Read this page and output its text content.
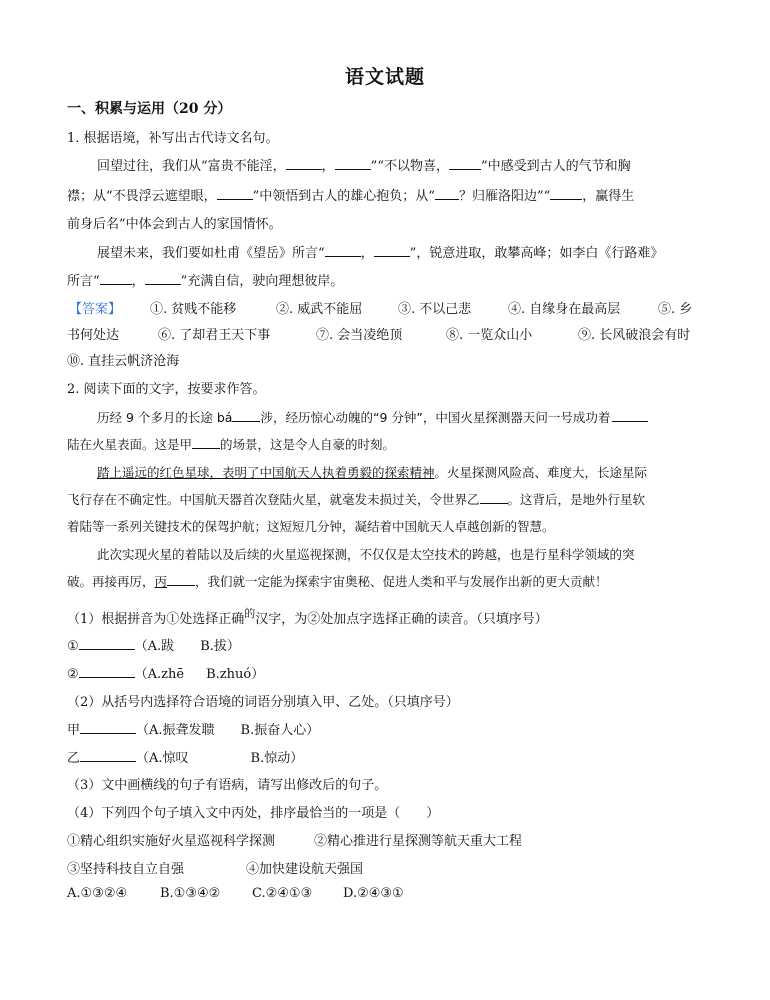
语文试题
一、积累与运用（20 分）
1. 根据语境，补写出古代诗文名句。
回望过往，我们从“富贵不能淫，	，	”“不以物喜， ”中感受到古人的气节和胸
襟；从“不畏浮云遮望眼，	”中领悟到古人的雄心抱负；从“ ？归雁洛阳边”“ ，赢得生
前身后名”中体会到古人的家国情怀。
展望未来，我们要如杜甫《望岳》所言“	，	”，锐意进取，敢攀高峰；如李白《行路难》
所言“ ，	”充满自信，驶向理想彼岸。
【答案】 ①. 贫贱不能移	②. 威武不能屈	③. 不以己悲	④. 自缘身在最高层	⑤. 乡
书何处达	⑥. 了却君王天下事	⑦. 会当凌绝顶	⑧. 一览众山小	⑨. 长风破浪会有时
⑩. 直挂云帆济沧海
2. 阅读下面的文字，按要求作答。
历经 9 个多月的长途 bá 涉，经历惊心动魄的“9 分钟”，中国火星探测器天问一号成功着
陆在火星表面。这是甲 的场景，这是令人自豪的时刻。
踏上遥远的红色星球，表明了中国航天人执着勇毅的探索精神。火星探测风险高、难度大，长途星际
飞行存在不确定性。中国航天器首次登陆火星，就毫发未损过关，令世界乙 。这背后，是地外行星软
着陆等一系列关键技术的保驾护航；这短短几分钟，凝结着中国航天人卓越创新的智慧。
此次实现火星的着陆以及后续的火星巡视探测，不仅仅是太空技术的跨越，也是行星科学领域的突
破。再接再厉，丙 ，我们就一定能为探索宇宙奥秘、促进人类和平与发展作出新的更大贡献！
（1）根据拼音为①处选择正确$^的$汉字，为②处加点字选择正确的读音。（只填序号）
①	（A.跋 B.拔）
②	（A.zhē B.zhuó）
（2）从括号内选择符合语境的词语分别填入甲、乙处。（只填序号）
甲	（A.振聋发聩 B.振奋人心）
乙	（A.惊叹	B.惊动）
（3）文中画横线的句子有语病，请写出修改后的句子。
（4）下列四个句子填入文中丙处，排序最恰当的一项是（　　）
①精心组织实施好火星巡视科学探测	②精心推进行星探测等航天重大工程
③坚持科技自立自强	④加快建设航天强国
A.①③②④	B.①③④② C.②④①③ D.②④③①
